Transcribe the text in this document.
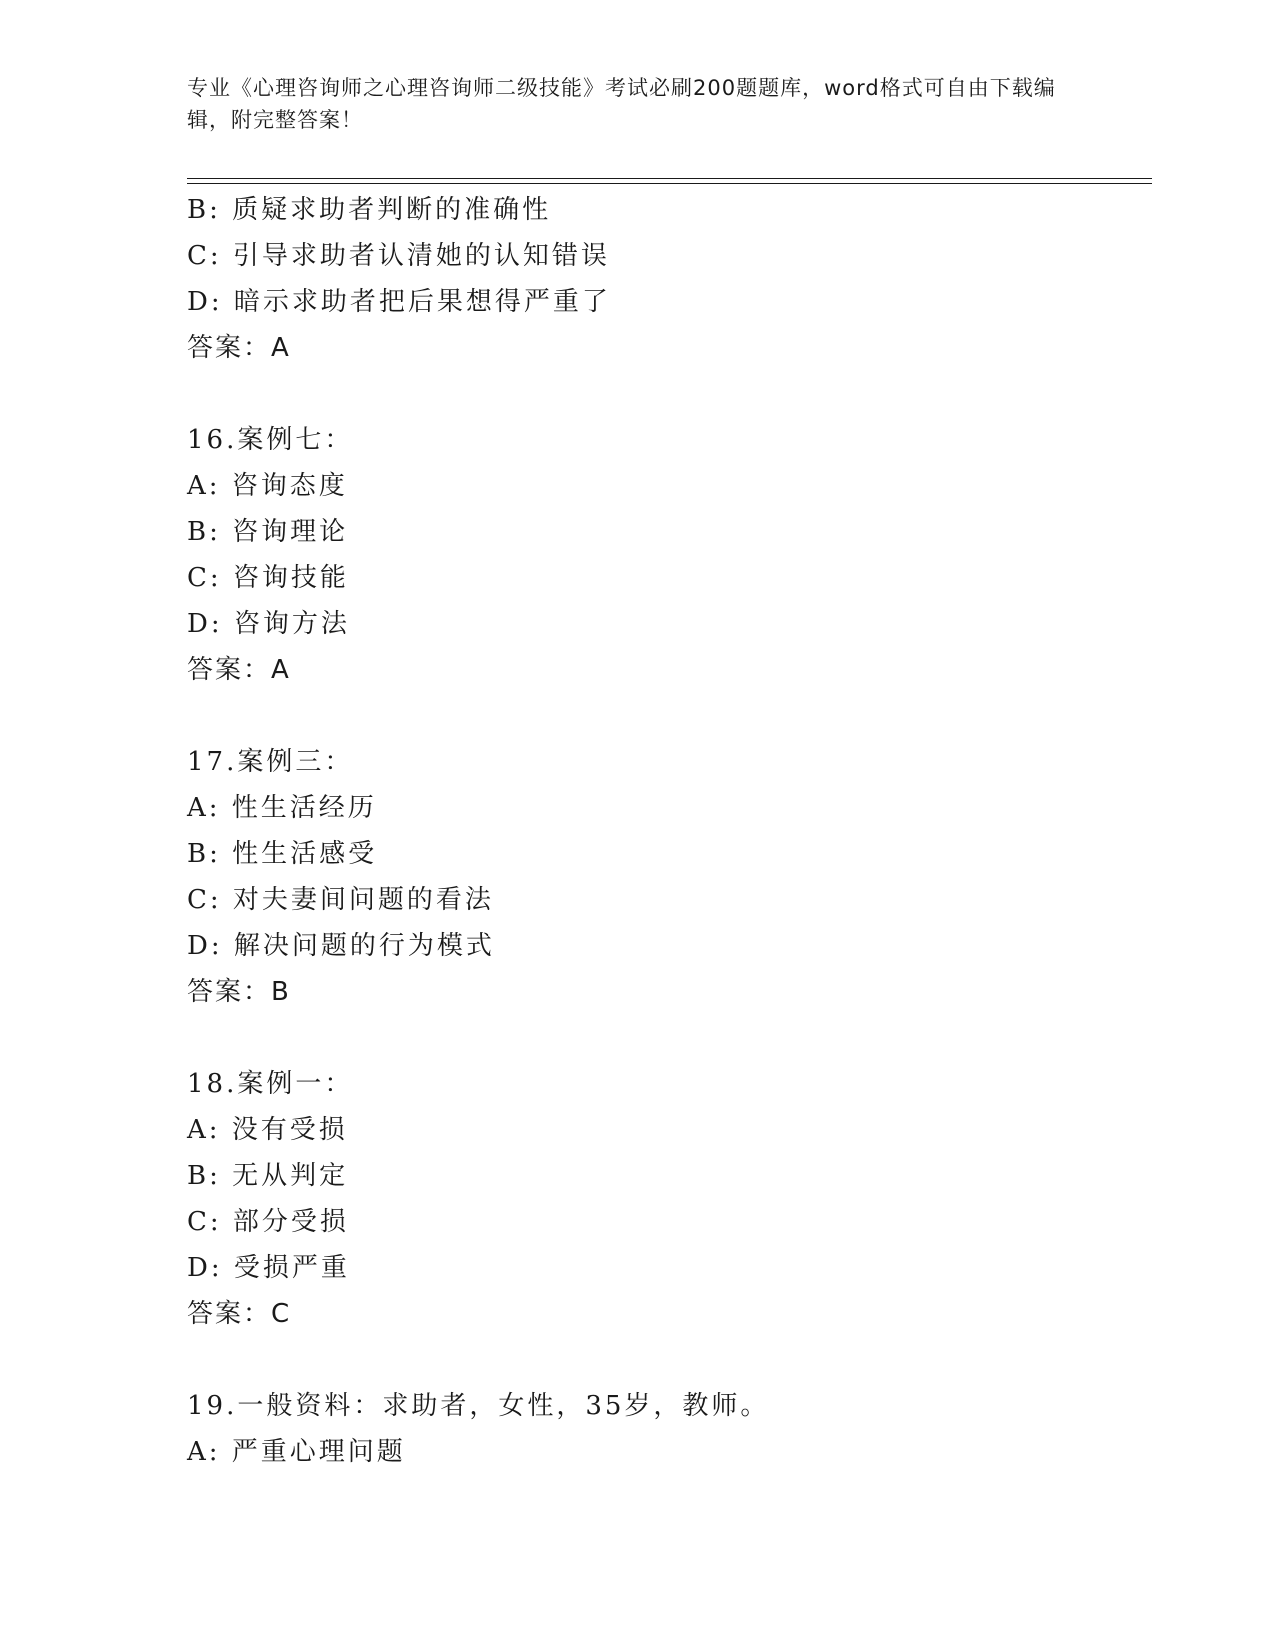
专业《心理咨询师之心理咨询师二级技能》考试必刷200题题库，word格式可自由下载编辑，附完整答案！
B: 质疑求助者判断的准确性
C: 引导求助者认清她的认知错误
D: 暗示求助者把后果想得严重了
答案：A
16.案例七：
A: 咨询态度
B: 咨询理论
C: 咨询技能
D: 咨询方法
答案：A
17.案例三：
A: 性生活经历
B: 性生活感受
C: 对夫妻间问题的看法
D: 解决问题的行为模式
答案：B
18.案例一：
A: 没有受损
B: 无从判定
C: 部分受损
D: 受损严重
答案：C
19.一般资料：求助者，女性，35岁，教师。
A: 严重心理问题
